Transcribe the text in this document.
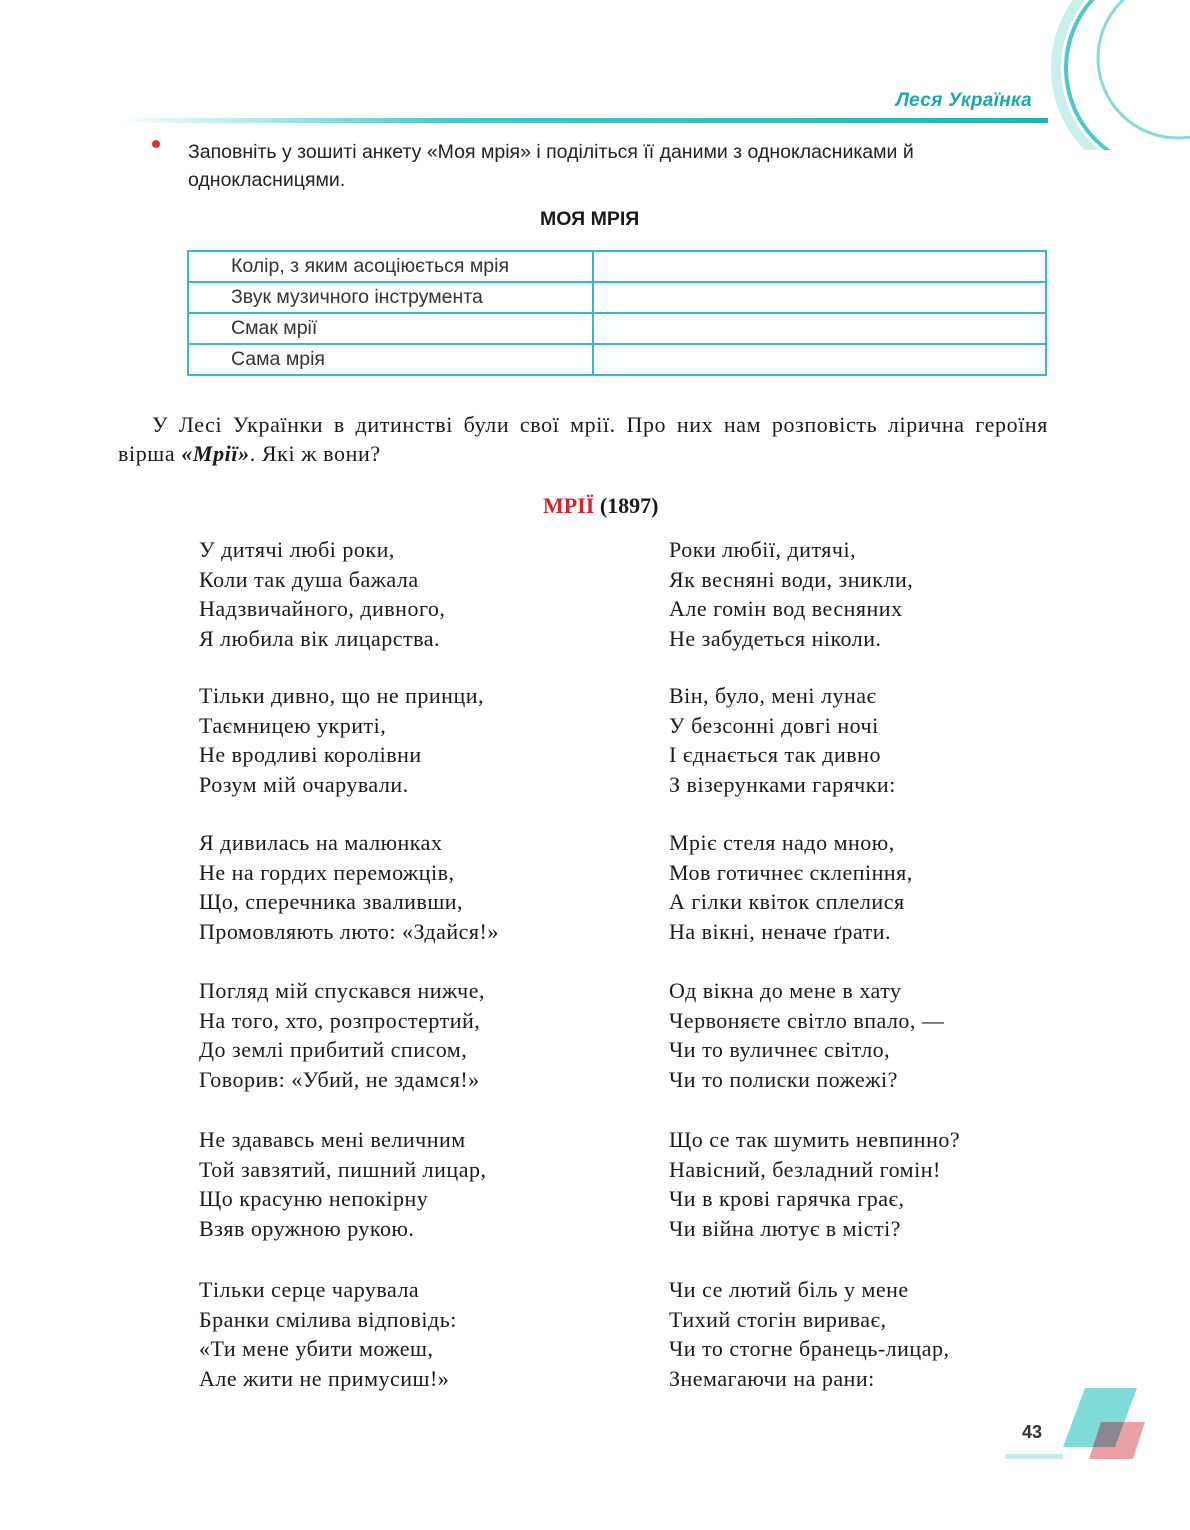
Леся Українка
Заповніть у зошиті анкету «Моя мрія» і поділіться її даними з однокласниками й однокласницями.
МОЯ МРІЯ
Колір, з яким асоціюється мрія	
Звук музичного інструмента	
Смак мрії	
Сама мрія	
У Лесі Українки в дитинстві були свої мрії. Про них нам розповість лірична героїня вірша «Мрії». Які ж вони?
МРІЇ (1897)
У дитячі любі роки,
Коли так душа бажала
Надзвичайного, дивного,
Я любила вік лицарства.
Тільки дивно, що не принци,
Таємницею укриті,
Не вродливі королівни
Розум мій очарували.
Я дивилась на малюнках
Не на гордих переможців,
Що, сперечника зваливши,
Промовляють люто: «Здайся!»
Погляд мій спускався нижче,
На того, хто, розпростертий,
До землі прибитий списом,
Говорив: «Убий, не здамся!»
Не здававсь мені величним
Той завзятий, пишний лицар,
Що красуню непокірну
Взяв оружною рукою.
Тільки серце чарувала
Бранки смілива відповідь:
«Ти мене убити можеш,
Але жити не примусиш!»
Роки любії, дитячі,
Як весняні води, зникли,
Але гомін вод весняних
Не забудеться ніколи.
Він, було, мені лунає
У безсонні довгі ночі
І єднається так дивно
З візерунками гарячки:
Мріє стеля надо мною,
Мов готичнеє склепіння,
А гілки квіток сплелися
На вікні, неначе ґрати.
Од вікна до мене в хату
Червоняєте світло впало, —
Чи то вуличнеє світло,
Чи то полиски пожежі?
Що се так шумить невпинно?
Навісний, безладний гомін!
Чи в крові гарячка грає,
Чи війна лютує в місті?
Чи се лютий біль у мене
Тихий стогін вириває,
Чи то стогне бранець-лицар,
Знемагаючи на рани:
43
